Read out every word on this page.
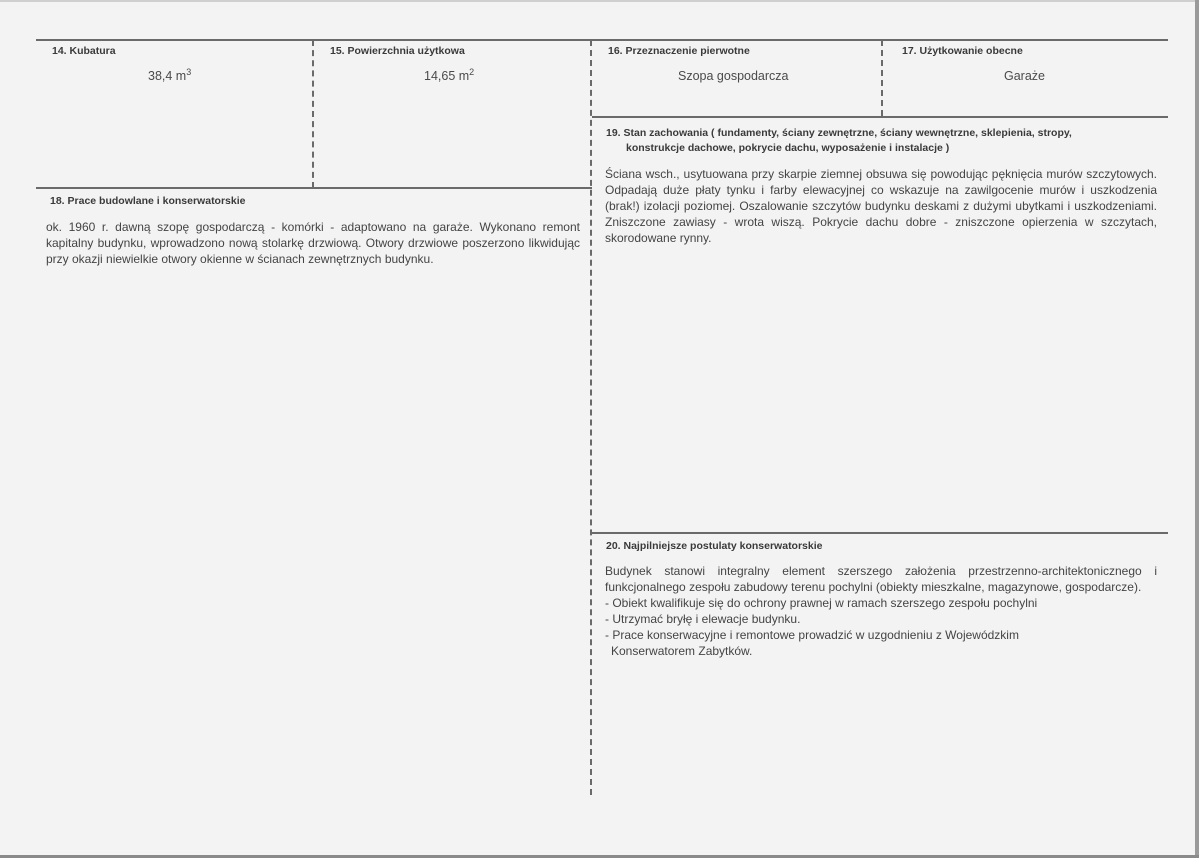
14. Kubatura
38,4 $m^3$
15. Powierzchnia użytkowa
14,65 $m^2$
16. Przeznaczenie pierwotne
Szopa gospodarcza
17. Użytkowanie obecne
Garaże
19. Stan zachowania ( fundamenty, ściany zewnętrzne, ściany wewnętrzne, sklepienia, stropy,
konstrukcje dachowe, pokrycie dachu, wyposażenie i instalacje )
Ściana wsch., usytuowana przy skarpie ziemnej obsuwa się powodując pęknięcia murów szczytowych. Odpadają duże płaty tynku i farby elewacyjnej co wskazuje na zawilgocenie murów i uszkodzenia (brak!) izolacji poziomej. Oszalowanie szczytów budynku deskami z dużymi ubytkami i uszkodzeniami. Zniszczone zawiasy - wrota wiszą. Pokrycie dachu dobre - zniszczone opierzenia w szczytach, skorodowane rynny.
18. Prace budowlane i konserwatorskie
ok. 1960 r. dawną szopę gospodarczą - komórki - adaptowano na garaże. Wykonano remont kapitalny budynku, wprowadzono nową stolarkę drzwiową. Otwory drzwiowe poszerzono likwidując przy okazji niewielkie otwory okienne w ścianach zewnętrznych budynku.
20. Najpilniejsze postulaty konserwatorskie
Budynek stanowi integralny element szerszego założenia przestrzenno-architektonicznego i funkcjonalnego zespołu zabudowy terenu pochylni (obiekty mieszkalne, magazynowe, gospodarcze).
- Obiekt kwalifikuje się do ochrony prawnej w ramach szerszego zespołu pochylni
- Utrzymać bryłę i elewacje budynku.
- Prace konserwacyjne i remontowe prowadzić w uzgodnieniu z Wojewódzkim
Konserwatorem Zabytków.
